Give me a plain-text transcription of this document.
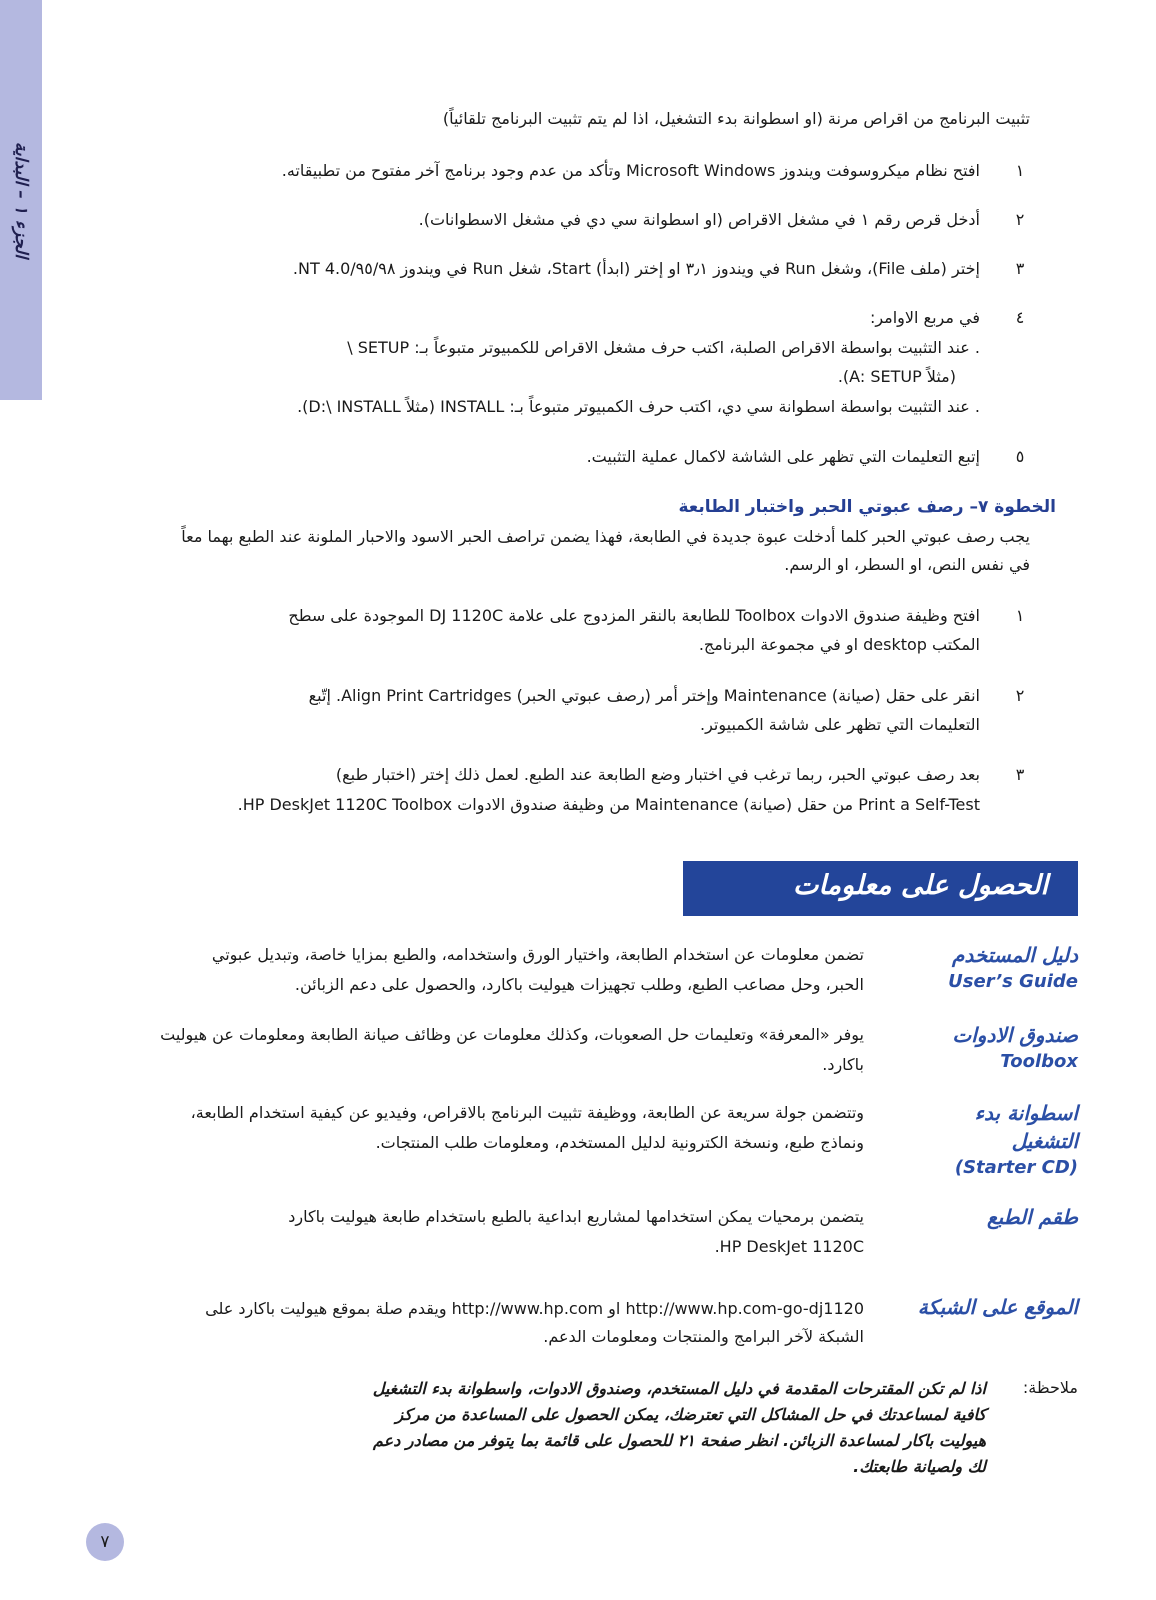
الجزء ١ – البداية
تثبيت البرنامج من اقراص مرنة (او اسطوانة بدء التشغيل، اذا لم يتم تثبيت البرنامج تلقائياً)
١
افتح نظام ميكروسوفت ويندوز Microsoft Windows وتأكد من عدم وجود برنامج آخر مفتوح من تطبيقاته.
٢
أدخل قرص رقم ١ في مشغل الاقراص (او اسطوانة سي دي في مشغل الاسطوانات).
٣
إختر (ملف File)، وشغل Run في ويندوز ٣٫١ او إختر (ابدأ) Start، شغل Run في ويندوز ٩٥/٩٨/NT 4.0.
٤
في مربع الاوامر:
. عند التثبيت بواسطة الاقراص الصلبة، اكتب حرف مشغل الاقراص للكمبيوتر متبوعاً بـ: SETUP \
(مثلاً A: SETUP).
. عند التثبيت بواسطة اسطوانة سي دي، اكتب حرف الكمبيوتر متبوعاً بـ: INSTALL (مثلاً D:\ INSTALL).
٥
إتبع التعليمات التي تظهر على الشاشة لاكمال عملية التثبيت.
الخطوة ٧– رصف عبوتي الحبر واختبار الطابعة
يجب رصف عبوتي الحبر كلما أدخلت عبوة جديدة في الطابعة، فهذا يضمن تراصف الحبر الاسود والاحبار الملونة عند الطبع بهما معاً
في نفس النص، او السطر، او الرسم.
١
افتح وظيفة صندوق الادوات Toolbox للطابعة بالنقر المزدوج على علامة DJ 1120C الموجودة على سطح
المكتب desktop او في مجموعة البرنامج.
٢
انقر على حقل (صيانة) Maintenance وإختر أمر (رصف عبوتي الحبر) Align Print Cartridges. إتّبع
التعليمات التي تظهر على شاشة الكمبيوتر.
٣
بعد رصف عبوتي الحبر، ربما ترغب في اختبار وضع الطابعة عند الطبع. لعمل ذلك إختر (اختبار طبع)
Print a Self-Test من حقل (صيانة) Maintenance من وظيفة صندوق الادوات HP DeskJet 1120C Toolbox.
الحصول على معلومات
دليل المستخدم
User’s Guide
تضمن معلومات عن استخدام الطابعة، واختيار الورق واستخدامه، والطبع بمزايا خاصة، وتبديل عبوتي
الحبر، وحل مصاعب الطبع، وطلب تجهيزات هيوليت باكارد، والحصول على دعم الزبائن.
صندوق الادوات
Toolbox
يوفر «المعرفة» وتعليمات حل الصعوبات، وكذلك معلومات عن وظائف صيانة الطابعة ومعلومات عن هيوليت
باكارد.
اسطوانة بدء
التشغيل
(Starter CD)
وتتضمن جولة سريعة عن الطابعة، ووظيفة تثبيت البرنامج بالاقراص، وفيديو عن كيفية استخدام الطابعة،
ونماذج طبع، ونسخة الكترونية لدليل المستخدم، ومعلومات طلب المنتجات.
طقم الطبع
يتضمن برمحيات يمكن استخدامها لمشاريع ابداعية بالطبع باستخدام طابعة هيوليت باكارد
HP DeskJet 1120C.
الموقع على الشبكة
http://www.hp.com-go-dj1120 او http://www.hp.com ويقدم صلة بموقع هيوليت باكارد على
الشبكة لآخر البرامج والمنتجات ومعلومات الدعم.
ملاحظة:
اذا لم تكن المقترحات المقدمة في دليل المستخدم، وصندوق الادوات، واسطوانة بدء التشغيل
كافية لمساعدتك في حل المشاكل التي تعترضك، يمكن الحصول على المساعدة من مركز
هيوليت باكار لمساعدة الزبائن. انظر صفحة ٢١ للحصول على قائمة بما يتوفر من مصادر دعم
لك ولصيانة طابعتك.
٧
